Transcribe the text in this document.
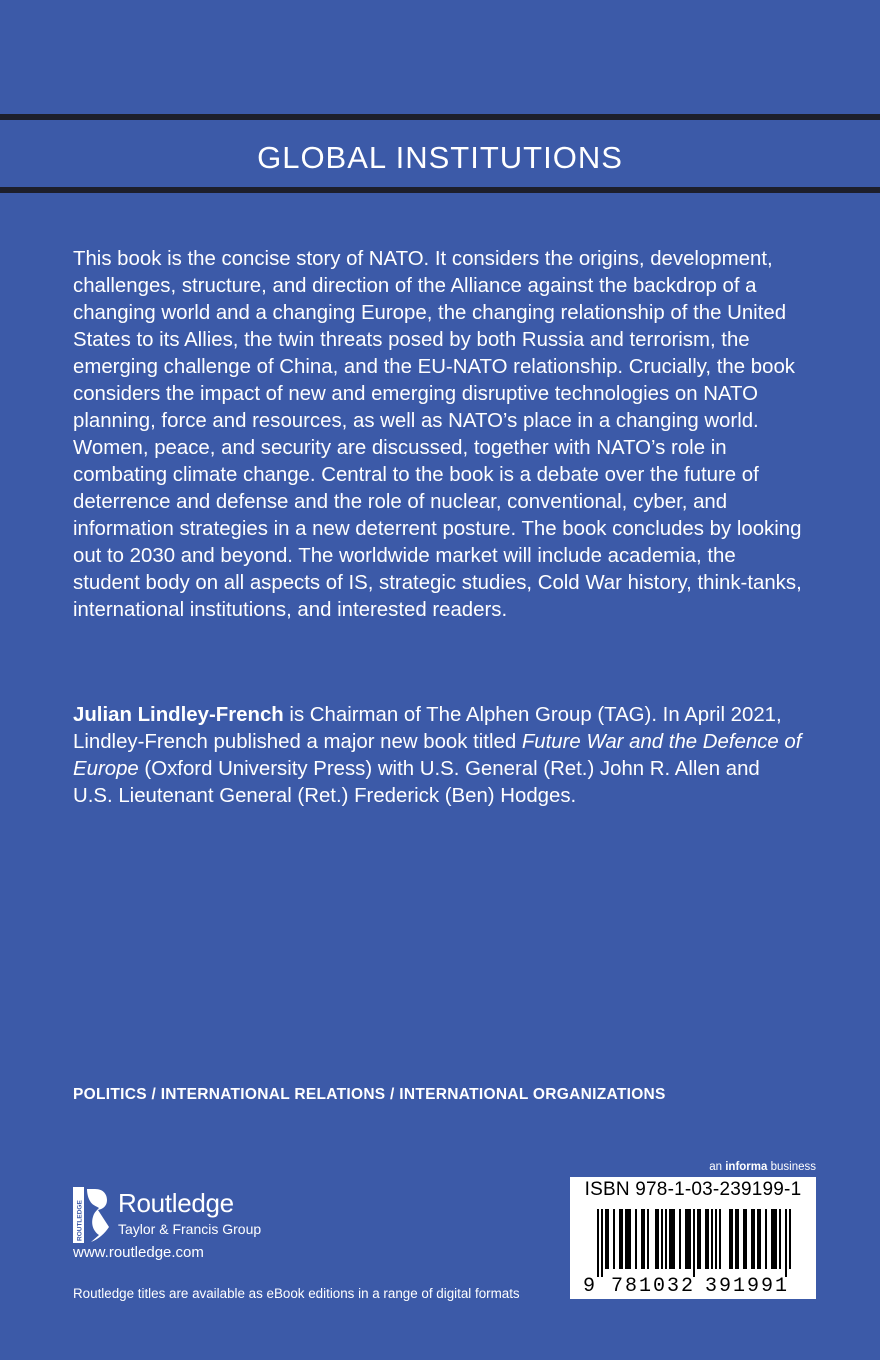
GLOBAL INSTITUTIONS

This book is the concise story of NATO. It considers the origins, development, challenges, structure, and direction of the Alliance against the backdrop of a changing world and a changing Europe, the changing relationship of the United States to its Allies, the twin threats posed by both Russia and terrorism, the emerging challenge of China, and the EU-NATO relationship. Crucially, the book considers the impact of new and emerging disruptive technologies on NATO planning, force and resources, as well as NATO’s place in a changing world. Women, peace, and security are discussed, together with NATO’s role in combating climate change. Central to the book is a debate over the future of deterrence and defense and the role of nuclear, conventional, cyber, and information strategies in a new deterrent posture. The book concludes by looking out to 2030 and beyond. The worldwide market will include academia, the student body on all aspects of IS, strategic studies, Cold War history, think-tanks, international institutions, and interested readers.

Julian Lindley-French is Chairman of The Alphen Group (TAG). In April 2021, Lindley-French published a major new book titled Future War and the Defence of Europe (Oxford University Press) with U.S. General (Ret.) John R. Allen and U.S. Lieutenant General (Ret.) Frederick (Ben) Hodges.

POLITICS / INTERNATIONAL RELATIONS / INTERNATIONAL ORGANIZATIONS
an informa business
ROUTLEDGE Routledge
Taylor & Francis Group
www.routledge.com
Routledge titles are available as eBook editions in a range of digital formats
ISBN 978-1-03-239199-1
9 781032 391991
